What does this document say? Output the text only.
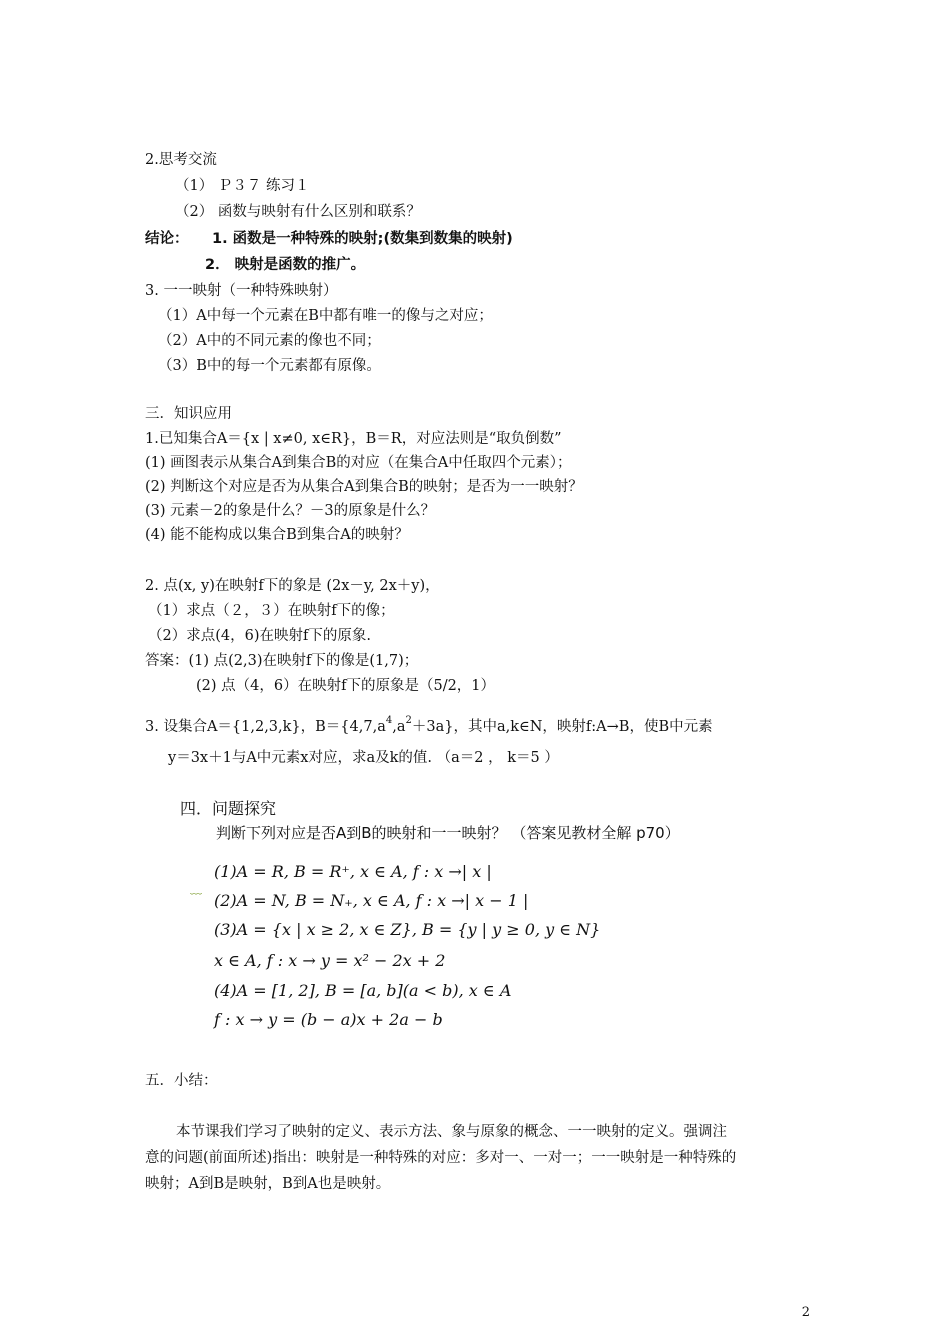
2.思考交流
（1） Ｐ３７ 练习１
（2） 函数与映射有什么区别和联系？
结论： 1. 函数是一种特殊的映射;(数集到数集的映射)
2． 映射是函数的推广。
3. 一一映射（一种特殊映射）
（1）A中每一个元素在B中都有唯一的像与之对应；
（2）A中的不同元素的像也不同；
（3）B中的每一个元素都有原像。
三．知识应用
1.已知集合A＝{x | x≠0, x∈R}，B＝R，对应法则是“取负倒数”
(1) 画图表示从集合A到集合B的对应（在集合A中任取四个元素）；
(2) 判断这个对应是否为从集合A到集合B的映射；是否为一一映射？
(3) 元素－2的象是什么？－3的原象是什么？
(4) 能不能构成以集合B到集合A的映射？
2. 点(x, y)在映射f下的象是 (2x－y, 2x＋y)，
（1）求点（２，３）在映射f下的像；
（2）求点(4，6)在映射f下的原象.
答案：(1) 点(2,3)在映射f下的像是(1,7)；
(2) 点（4，6）在映射f下的原象是（5/2，1）
3. 设集合A＝{1,2,3,k}，$B=\{4,7,a^4,a^2+3a\}$，其中a,k∈N，映射f:A→B，使B中元素
y＝3x＋1与A中元素x对应，求a及k的值. （a＝2 ， k＝5 ）
四．问题探究
判断下列对应是否A到B的映射和一一映射？ （答案见教材全解 p70）
﹏
(1)A = R, B = R⁺, x ∈ A, f : x →| x |
(2)A = N, B = N₊, x ∈ A, f : x →| x − 1 |
(3)A = {x | x ≥ 2, x ∈ Z}, B = {y | y ≥ 0, y ∈ N}
x ∈ A, f : x → y = x² − 2x + 2
(4)A = [1, 2], B = [a, b](a < b), x ∈ A
f : x → y = (b − a)x + 2a − b
五．小结：
本节课我们学习了映射的定义、表示方法、象与原象的概念、一一映射的定义。强调注
意的问题(前面所述)指出：映射是一种特殊的对应：多对一、一对一；一一映射是一种特殊的
映射；A到B是映射，B到A也是映射。
2
